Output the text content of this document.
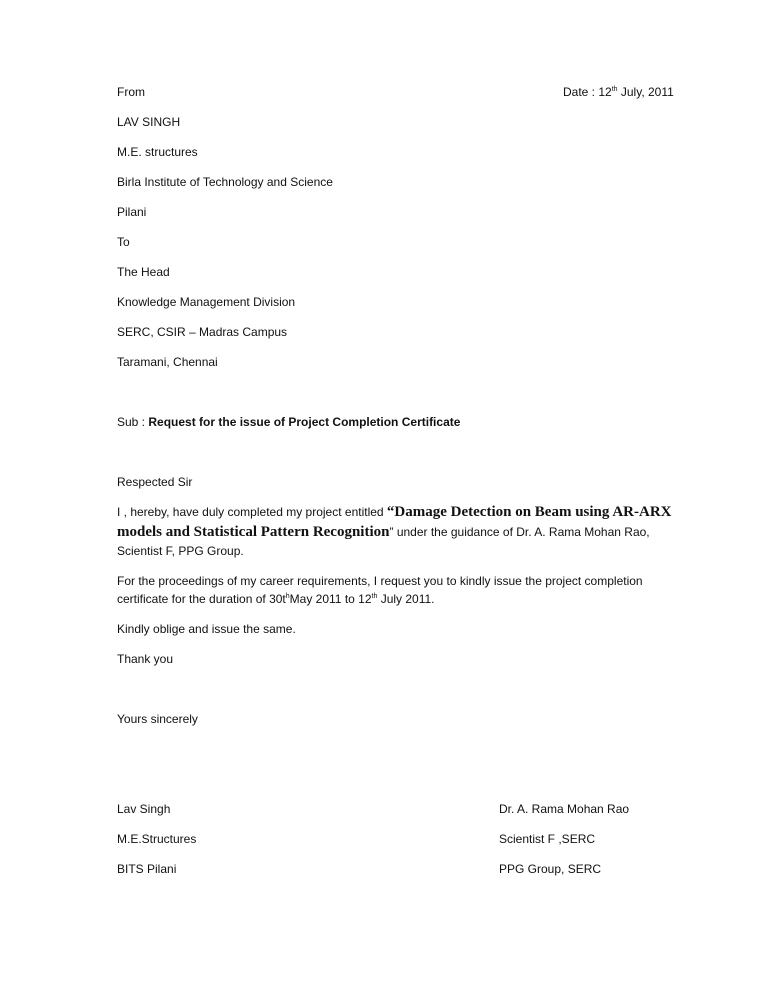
From	Date : 12th July, 2011
LAV SINGH
M.E. structures
Birla Institute of Technology and Science
Pilani
To
The Head
Knowledge Management Division
SERC, CSIR – Madras Campus
Taramani, Chennai
Sub : Request for the issue of Project Completion Certificate
Respected Sir
I , hereby, have duly completed my project entitled “Damage Detection on Beam using AR-ARX
models and Statistical Pattern Recognition” under the guidance of Dr. A. Rama Mohan Rao,
Scientist F, PPG Group.
For the proceedings of my career requirements, I request you to kindly issue the project completion
certificate for the duration of $30t^hMay$ 2011 to 12th July 2011.
Kindly oblige and issue the same.
Thank you
Yours sincerely
Lav Singh
M.E.Structures
BITS Pilani
Dr. A. Rama Mohan Rao
Scientist F ,SERC
PPG Group, SERC
